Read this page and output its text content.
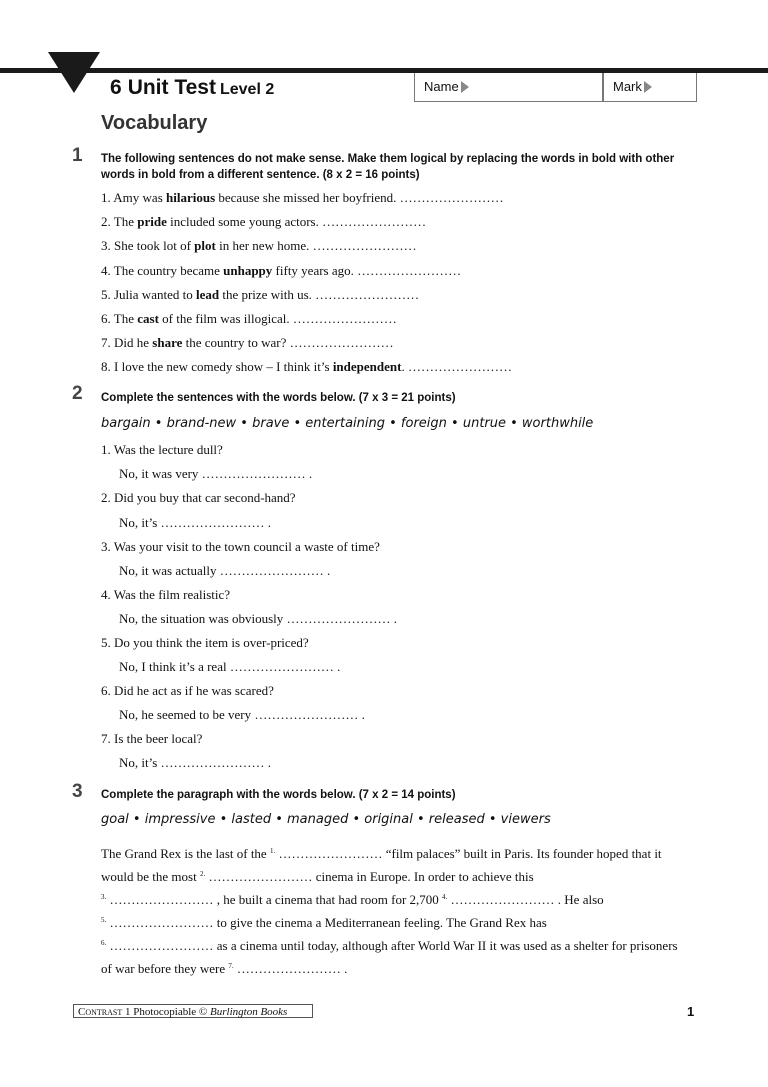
6 Unit Test Level 2	Name	Mark
Vocabulary
1 The following sentences do not make sense. Make them logical by replacing the words in bold with other
words in bold from a different sentence. (8 x 2 = 16 points)
1. Amy was hilarious because she missed her boyfriend. ……………………
2. The pride included some young actors. ……………………
3. She took lot of plot in her new home. ……………………
4. The country became unhappy fifty years ago. ……………………
5. Julia wanted to lead the prize with us. ……………………
6. The cast of the film was illogical. ……………………
7. Did he share the country to war? ……………………
8. I love the new comedy show – I think it’s independent. ……………………
2 Complete the sentences with the words below. (7 x 3 = 21 points)
bargain • brand-new • brave • entertaining • foreign • untrue • worthwhile
1. Was the lecture dull?
No, it was very …………………… .
2. Did you buy that car second-hand?
No, it’s …………………… .
3. Was your visit to the town council a waste of time?
No, it was actually …………………… .
4. Was the film realistic?
No, the situation was obviously …………………… .
5. Do you think the item is over-priced?
No, I think it’s a real …………………… .
6. Did he act as if he was scared?
No, he seemed to be very …………………… .
7. Is the beer local?
No, it’s …………………… .
3 Complete the paragraph with the words below. (7 x 2 = 14 points)
goal • impressive • lasted • managed • original • released • viewers
The Grand Rex is the last of the $^{1.}$ …………………… “film palaces” built in Paris. Its founder hoped that it would be the most $^{2.}$ …………………… cinema in Europe. In order to achieve this
$^{3.}$ …………………… , he built a cinema that had room for 2,700 $^{4.}$ …………………… . He also
$^{5.}$ …………………… to give the cinema a Mediterranean feeling. The Grand Rex has
$^{6.}$ …………………… as a cinema until today, although after World War II it was used as a shelter for prisoners of war before they were $^{7.}$ …………………… .
Contrast 1 Photocopiable © Burlington Books	1
